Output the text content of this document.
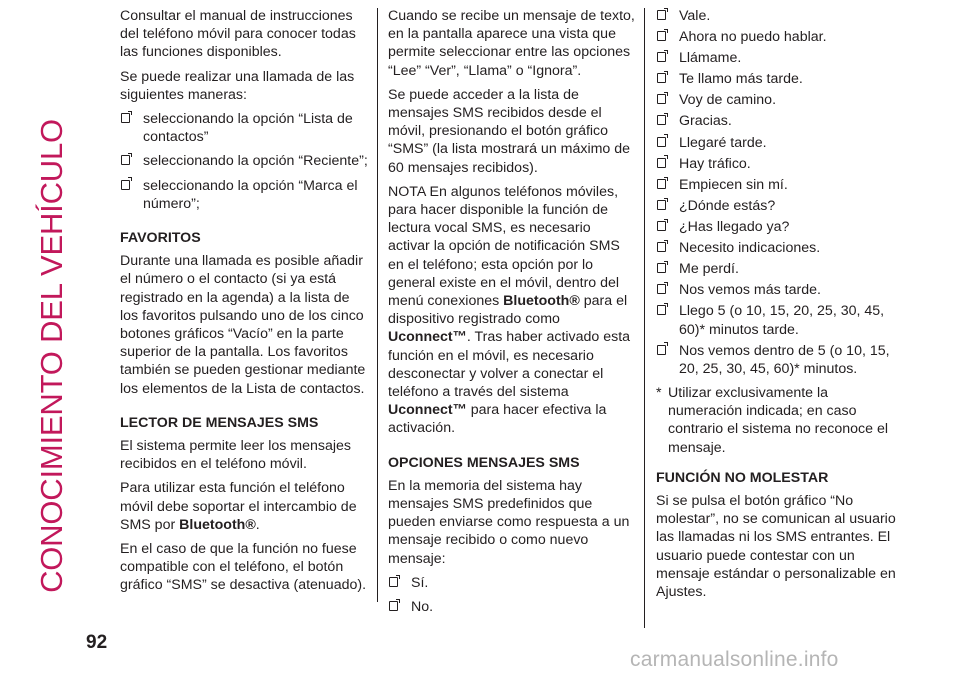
CONOCIMIENTO DEL VEHÍCULO
92

Consultar el manual de instrucciones del teléfono móvil para conocer todas las funciones disponibles.

Se puede realizar una llamada de las siguientes maneras:

seleccionando la opción “Lista de contactos”
seleccionando la opción “Reciente”;
seleccionando la opción “Marca el número”;
FAVORITOS

Durante una llamada es posible añadir el número o el contacto (si ya está registrado en la agenda) a la lista de los favoritos pulsando uno de los cinco botones gráficos “Vacío” en la parte superior de la pantalla. Los favoritos también se pueden gestionar mediante los elementos de la Lista de contactos.

LECTOR DE MENSAJES SMS

El sistema permite leer los mensajes recibidos en el teléfono móvil.

Para utilizar esta función el teléfono móvil debe soportar el intercambio de SMS por Bluetooth®.

En el caso de que la función no fuese compatible con el teléfono, el botón gráfico “SMS” se desactiva (atenuado).

Cuando se recibe un mensaje de texto, en la pantalla aparece una vista que permite seleccionar entre las opciones “Lee” “Ver”, “Llama” o “Ignora”.

Se puede acceder a la lista de mensajes SMS recibidos desde el móvil, presionando el botón gráfico “SMS” (la lista mostrará un máximo de 60 mensajes recibidos).

NOTA En algunos teléfonos móviles, para hacer disponible la función de lectura vocal SMS, es necesario activar la opción de notificación SMS en el teléfono; esta opción por lo general existe en el móvil, dentro del menú conexiones Bluetooth® para el dispositivo registrado como Uconnect™. Tras haber activado esta función en el móvil, es necesario desconectar y volver a conectar el teléfono a través del sistema Uconnect™ para hacer efectiva la activación.

OPCIONES MENSAJES SMS

En la memoria del sistema hay mensajes SMS predefinidos que pueden enviarse como respuesta a un mensaje recibido o como nuevo mensaje:

Sí.
No.
Vale.
Ahora no puedo hablar.
Llámame.
Te llamo más tarde.
Voy de camino.
Gracias.
Llegaré tarde.
Hay tráfico.
Empiecen sin mí.
¿Dónde estás?
¿Has llegado ya?
Necesito indicaciones.
Me perdí.
Nos vemos más tarde.
Llego 5 (o 10, 15, 20, 25, 30, 45, 60)* minutos tarde.
Nos vemos dentro de 5 (o 10, 15, 20, 25, 30, 45, 60)* minutos.
* Utilizar exclusivamente la numeración indicada; en caso contrario el sistema no reconoce el mensaje.
FUNCIÓN NO MOLESTAR

Si se pulsa el botón gráfico “No molestar”, no se comunican al usuario las llamadas ni los SMS entrantes. El usuario puede contestar con un mensaje estándar o personalizable en Ajustes.

carmanualsonline.info
